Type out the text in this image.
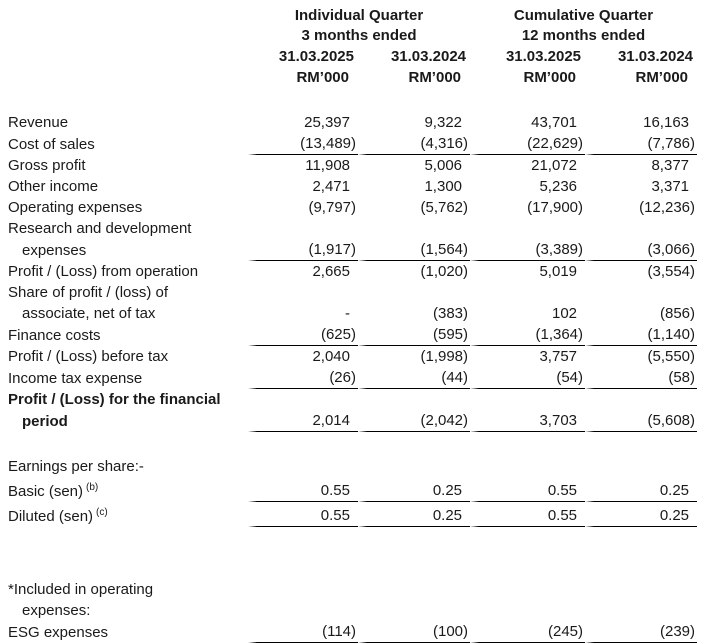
	Individual Quarter		Cumulative Quarter	
	3 months ended		12 months ended	
	31.03.2025	31.03.2024	31.03.2025	31.03.2024
	RM’000	RM’000	RM’000	RM’000

Revenue	25,397	9,322	43,701	16,163
Cost of sales	(13,489)	(4,316)	(22,629)	(7,786)
Gross profit	11,908	5,006	21,072	8,377
Other income	2,471	1,300	5,236	3,371
Operating expenses	(9,797)	(5,762)	(17,900)	(12,236)
Research and development				
expenses	(1,917)	(1,564)	(3,389)	(3,066)
Profit / (Loss) from operation	2,665	(1,020)	5,019	(3,554)
Share of profit / (loss) of				
associate, net of tax	-	(383)	102	(856)
Finance costs	(625)	(595)	(1,364)	(1,140)
Profit / (Loss) before tax	2,040	(1,998)	3,757	(5,550)
Income tax expense	(26)	(44)	(54)	(58)
Profit / (Loss) for the financial				
period	2,014	(2,042)	3,703	(5,608)

Earnings per share:-				
Basic (sen) $^{(b)}$	0.55	0.25	0.55	0.25
Diluted (sen) $^{(c)}$	0.55	0.25	0.55	0.25

*Included in operating				
expenses:				
ESG expenses	(114)	(100)	(245)	(239)
